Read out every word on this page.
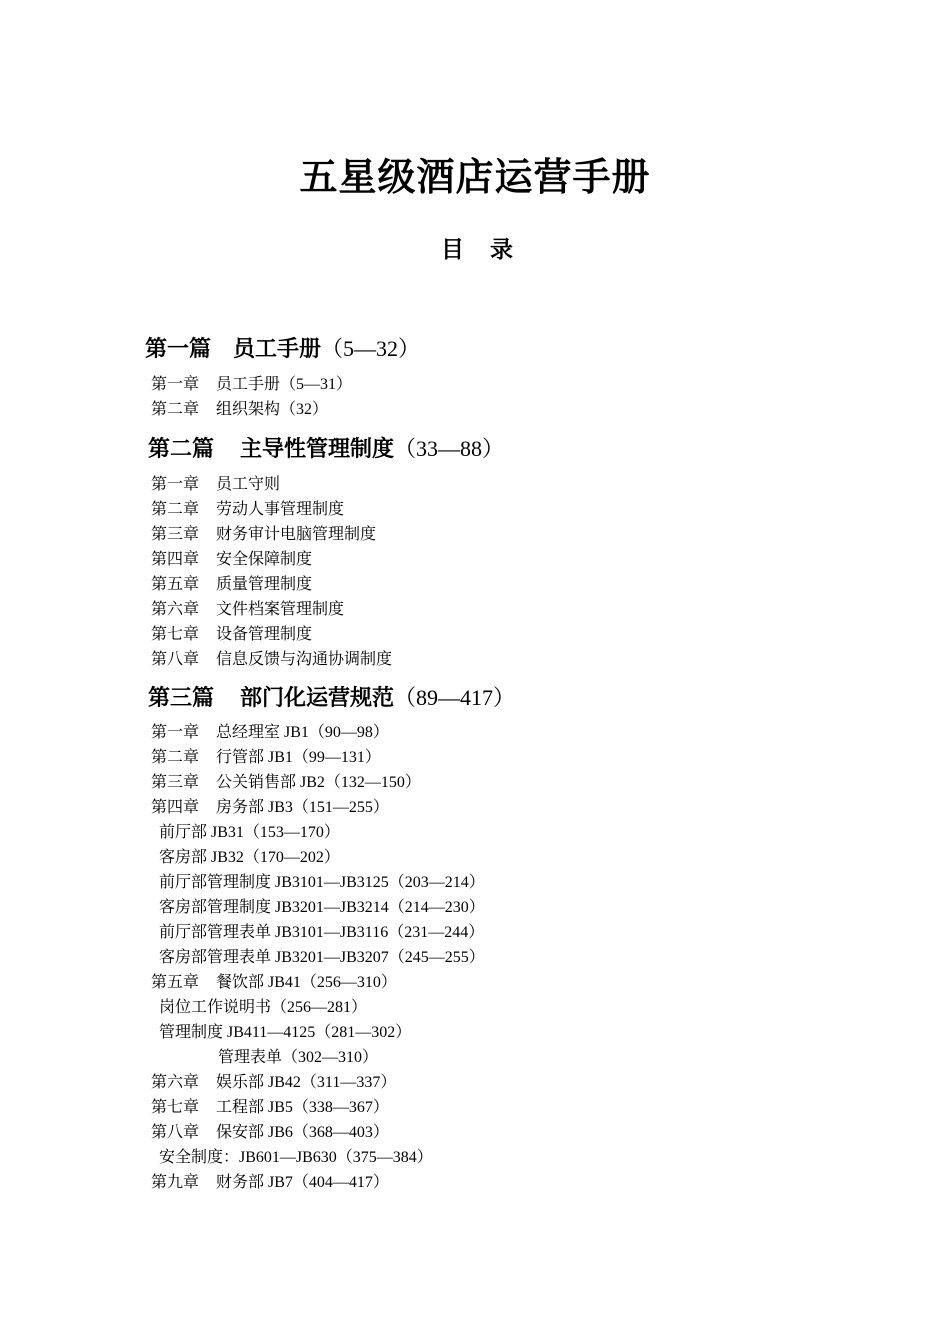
五星级酒店运营手册
目 录
第一篇 员工手册（5—32）
第一章 员工手册（5—31）
第二章 组织架构（32）
第二篇 主导性管理制度（33—88）
第一章 员工守则
第二章 劳动人事管理制度
第三章 财务审计电脑管理制度
第四章 安全保障制度
第五章 质量管理制度
第六章 文件档案管理制度
第七章 设备管理制度
第八章 信息反馈与沟通协调制度
第三篇 部门化运营规范（89—417）
第一章 总经理室 JB1（90—98）
第二章 行管部 JB1（99—131）
第三章 公关销售部 JB2（132—150）
第四章 房务部 JB3（151—255）
前厅部 JB31（153—170）
客房部 JB32（170—202）
前厅部管理制度 JB3101—JB3125（203—214）
客房部管理制度 JB3201—JB3214（214—230）
前厅部管理表单 JB3101—JB3116（231—244）
客房部管理表单 JB3201—JB3207（245—255）
第五章 餐饮部 JB41（256—310）
岗位工作说明书（256—281）
管理制度 JB411—4125（281—302）
管理表单（302—310）
第六章 娱乐部 JB42（311—337）
第七章 工程部 JB5（338—367）
第八章 保安部 JB6（368—403）
安全制度：JB601—JB630（375—384）
第九章 财务部 JB7（404—417）
